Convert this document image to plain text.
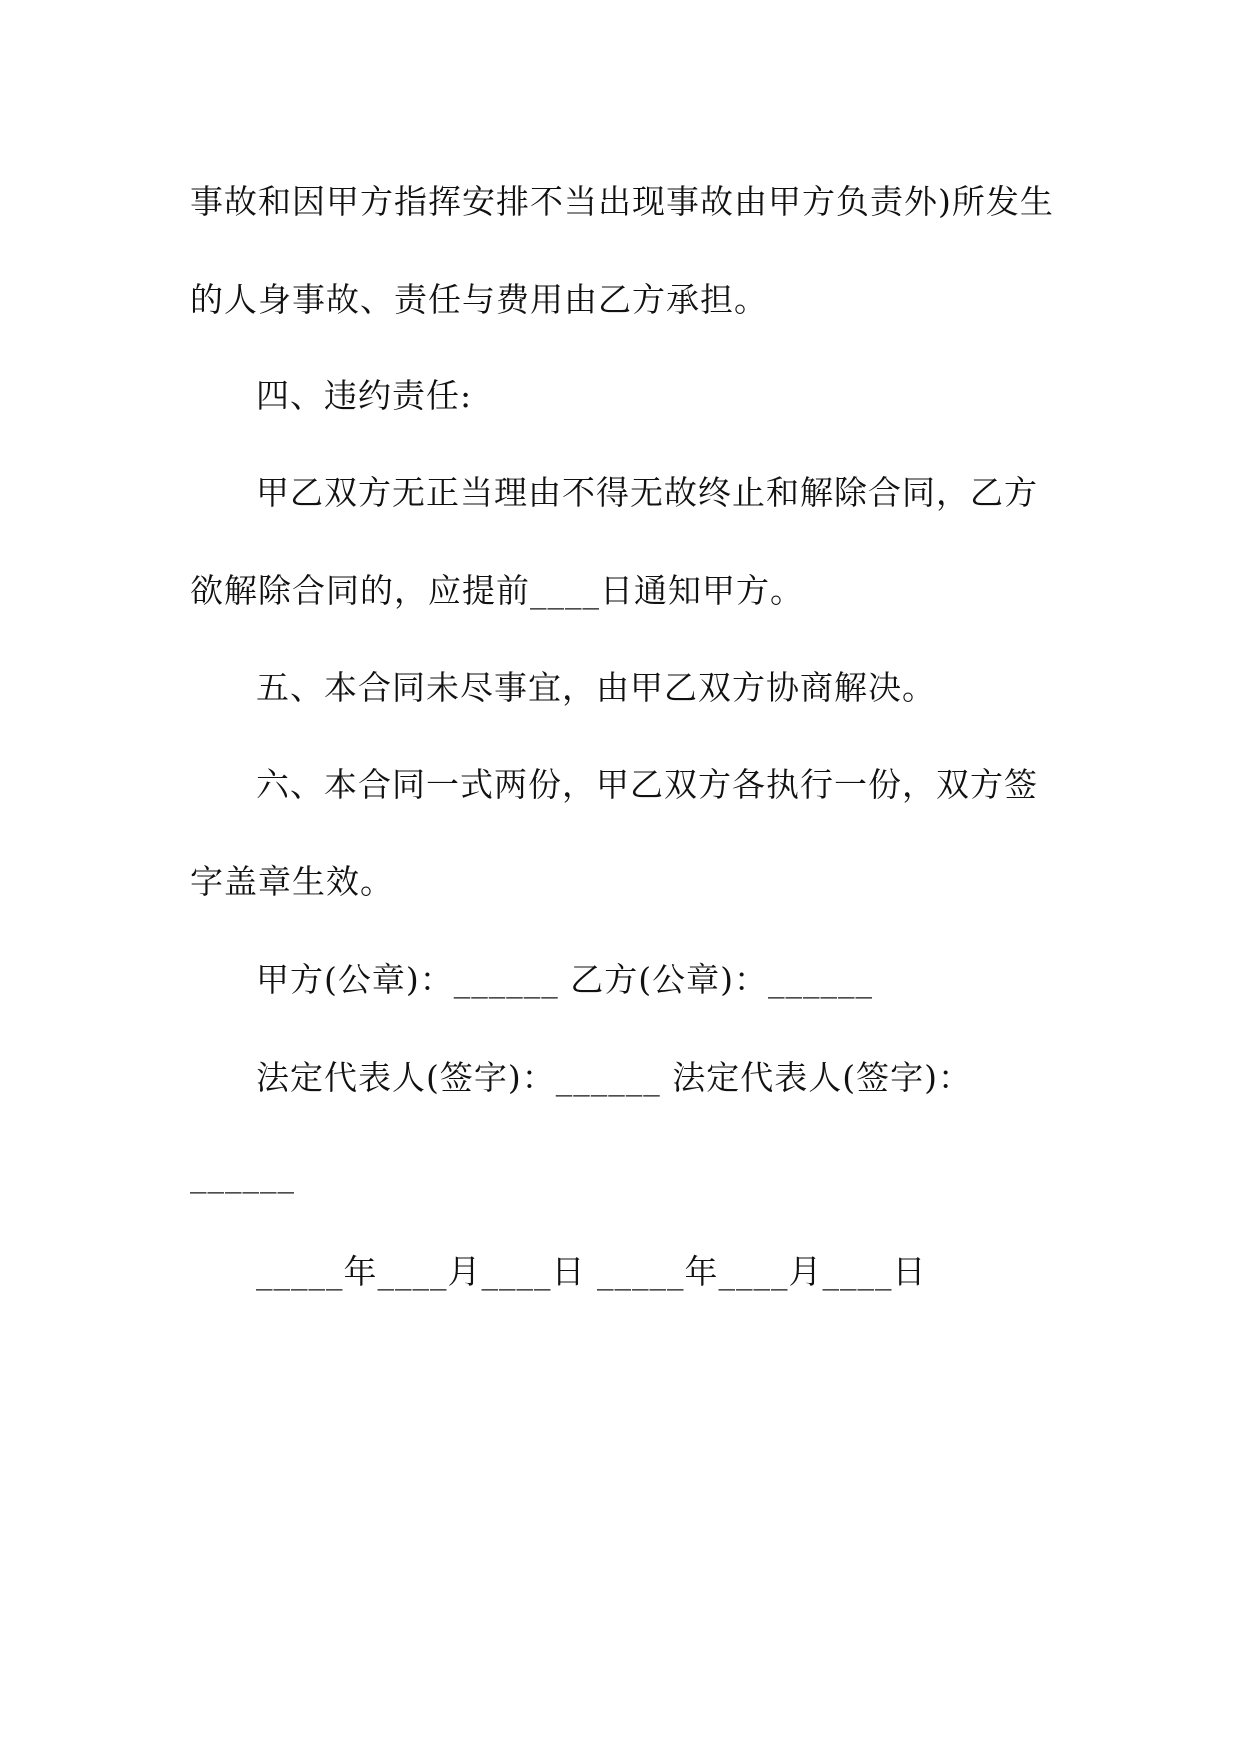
事故和因甲方指挥安排不当出现事故由甲方负责外)所发生
的人身事故、责任与费用由乙方承担。
四、违约责任:
甲乙双方无正当理由不得无故终止和解除合同，乙方
欲解除合同的，应提前____日通知甲方。
五、本合同未尽事宜，由甲乙双方协商解决。
六、本合同一式两份，甲乙双方各执行一份，双方签
字盖章生效。
甲方(公章)：______ 乙方(公章)：______
法定代表人(签字)：______ 法定代表人(签字)：
______
_____年____月____日 _____年____月____日
